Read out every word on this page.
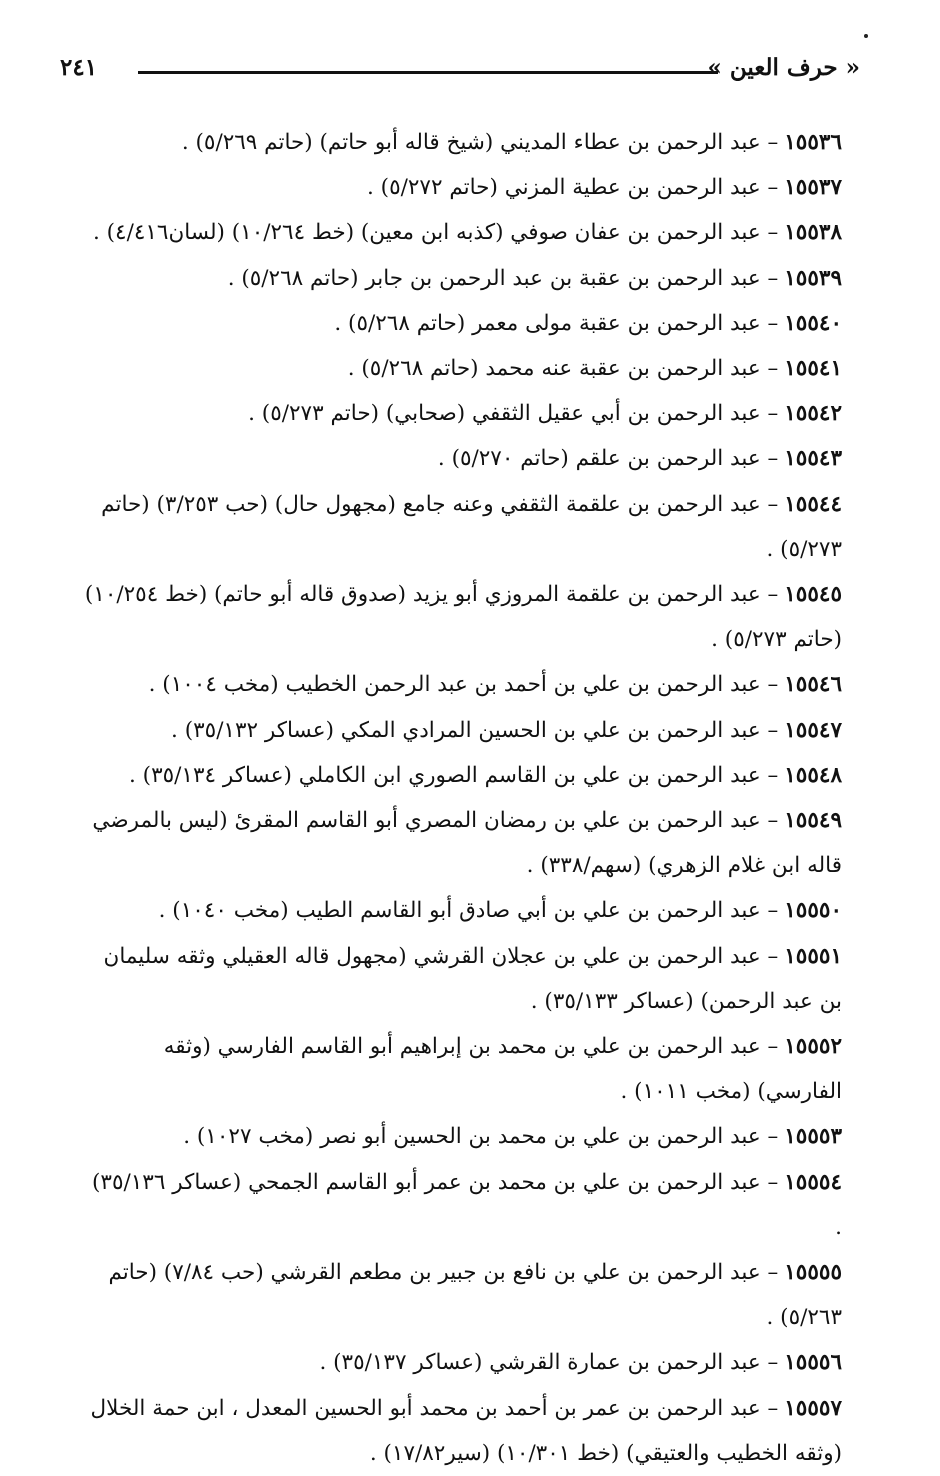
« حرف العين »
٢٤١
١٥٥٣٦– عبد الرحمن بن عطاء المديني (شيخ قاله أبو حاتم) (حاتم ٥/٢٦٩) .
١٥٥٣٧– عبد الرحمن بن عطية المزني (حاتم ٥/٢٧٢) .
١٥٥٣٨– عبد الرحمن بن عفان صوفي (كذبه ابن معين) (خط ١٠/٢٦٤) (لسان٤/٤١٦) .
١٥٥٣٩– عبد الرحمن بن عقبة بن عبد الرحمن بن جابر (حاتم ٥/٢٦٨) .
١٥٥٤٠– عبد الرحمن بن عقبة مولى معمر (حاتم ٥/٢٦٨) .
١٥٥٤١– عبد الرحمن بن عقبة عنه محمد (حاتم ٥/٢٦٨) .
١٥٥٤٢– عبد الرحمن بن أبي عقيل الثقفي (صحابي) (حاتم ٥/٢٧٣) .
١٥٥٤٣– عبد الرحمن بن علقم (حاتم ٥/٢٧٠) .
١٥٥٤٤– عبد الرحمن بن علقمة الثقفي وعنه جامع (مجهول حال) (حب ٣/٢٥٣) (حاتم ٥/٢٧٣) .
١٥٥٤٥– عبد الرحمن بن علقمة المروزي أبو يزيد (صدوق قاله أبو حاتم) (خط ١٠/٢٥٤) (حاتم ٥/٢٧٣) .
١٥٥٤٦– عبد الرحمن بن علي بن أحمد بن عبد الرحمن الخطيب (مخب ١٠٠٤) .
١٥٥٤٧– عبد الرحمن بن علي بن الحسين المرادي المكي (عساكر ٣٥/١٣٢) .
١٥٥٤٨– عبد الرحمن بن علي بن القاسم الصوري ابن الكاملي (عساكر ٣٥/١٣٤) .
١٥٥٤٩– عبد الرحمن بن علي بن رمضان المصري أبو القاسم المقرئ (ليس بالمرضي قاله ابن غلام الزهري) (سهم/٣٣٨) .
١٥٥٥٠– عبد الرحمن بن علي بن أبي صادق أبو القاسم الطيب (مخب ١٠٤٠) .
١٥٥٥١– عبد الرحمن بن علي بن عجلان القرشي (مجهول قاله العقيلي وثقه سليمان بن عبد الرحمن) (عساكر ٣٥/١٣٣) .
١٥٥٥٢– عبد الرحمن بن علي بن محمد بن إبراهيم أبو القاسم الفارسي (وثقه الفارسي) (مخب ١٠١١) .
١٥٥٥٣– عبد الرحمن بن علي بن محمد بن الحسين أبو نصر (مخب ١٠٢٧) .
١٥٥٥٤– عبد الرحمن بن علي بن محمد بن عمر أبو القاسم الجمحي (عساكر ٣٥/١٣٦) .
١٥٥٥٥– عبد الرحمن بن علي بن نافع بن جبير بن مطعم القرشي (حب ٧/٨٤) (حاتم ٥/٢٦٣) .
١٥٥٥٦– عبد الرحمن بن عمارة القرشي (عساكر ٣٥/١٣٧) .
١٥٥٥٧– عبد الرحمن بن عمر بن أحمد بن محمد أبو الحسين المعدل ، ابن حمة الخلال (وثقه الخطيب والعتيقي) (خط ١٠/٣٠١) (سير١٧/٨٢) .
